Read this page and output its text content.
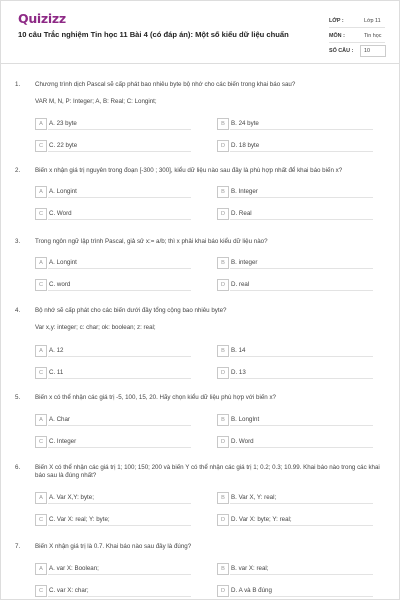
Quizizz
10 câu Trắc nghiệm Tin học 11 Bài 4 (có đáp án): Một số kiểu dữ liệu chuẩn
LỚP :	Lớp 11
MÔN :	Tin học
SỐ CÂU : 10
1. Chương trình dịch Pascal sẽ cấp phát bao nhiêu byte bộ nhớ cho các biến trong khai báo sau?
VAR M, N, P: Integer; A, B: Real; C: Longint;
A A. 23 byte	B B. 24 byte
C C. 22 byte	D D. 18 byte
2. Biến x nhận giá trị nguyên trong đoạn [-300 ; 300], kiểu dữ liệu nào sau đây là phù hợp nhất để khai báo biến x?
A A. Longint	B B. Integer
C C. Word	D D. Real
3. Trong ngôn ngữ lập trình Pascal, giả sử x:= a/b; thì x phải khai báo kiểu dữ liệu nào?
A A. Longint	B B. integer
C C. word	D D. real
4. Bộ nhớ sẽ cấp phát cho các biến dưới đây tổng cộng bao nhiêu byte?
Var x,y: integer; c: char; ok: boolean; z: real;
A A. 12	B B. 14
C C. 11	D D. 13
5. Biến x có thể nhận các giá trị -5, 100, 15, 20. Hãy chọn kiểu dữ liệu phù hợp với biến x?
A A. Char	B B. LongInt
C C. Integer	D D. Word
6. Biến X có thể nhận các giá trị 1; 100; 150; 200 và biến Y có thể nhận các giá trị 1; 0.2; 0.3; 10.99. Khai báo nào trong các khai báo sau là đúng nhất?
A A. Var X,Y: byte;	B B. Var X, Y: real;
C C. Var X: real; Y: byte;	D D. Var X: byte; Y: real;
7. Biến X nhận giá trị là 0.7. Khai báo nào sau đây là đúng?
A A. var X: Boolean;	B B. var X: real;
C C. var X: char;	D D. A và B đúng
